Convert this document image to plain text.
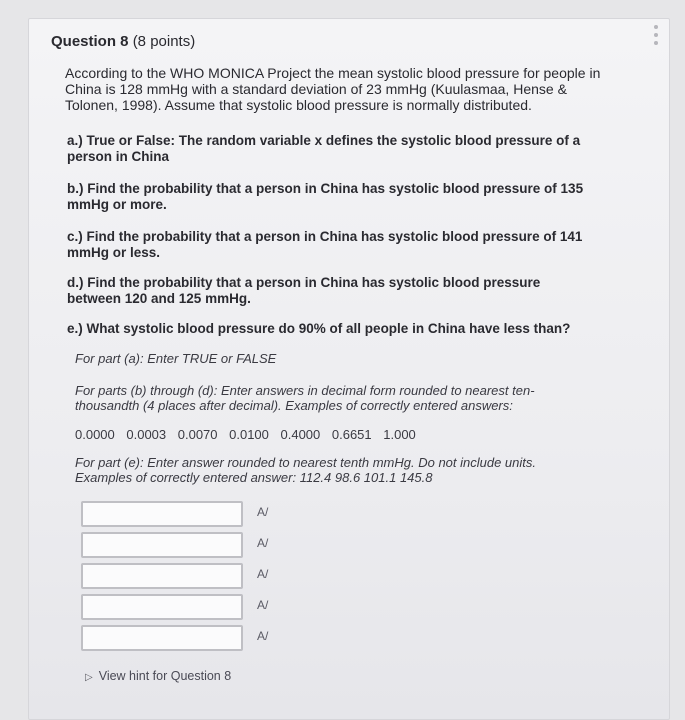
Question 8 (8 points)
According to the WHO MONICA Project the mean systolic blood pressure for people in China is 128 mmHg with a standard deviation of 23 mmHg (Kuulasmaa, Hense & Tolonen, 1998). Assume that systolic blood pressure is normally distributed.
a.) True or False: The random variable x defines the systolic blood pressure of a person in China
b.) Find the probability that a person in China has systolic blood pressure of 135 mmHg or more.
c.) Find the probability that a person in China has systolic blood pressure of 141 mmHg or less.
d.) Find the probability that a person in China has systolic blood pressure between 120 and 125 mmHg.
e.) What systolic blood pressure do 90% of all people in China have less than?
For part (a): Enter TRUE or FALSE
For parts (b) through (d): Enter answers in decimal form rounded to nearest ten-thousandth (4 places after decimal). Examples of correctly entered answers:
0.0000 0.0003 0.0070 0.0100 0.4000 0.6651 1.000
For part (e): Enter answer rounded to nearest tenth mmHg. Do not include units. Examples of correctly entered answer: 112.4 98.6 101.1 145.8
A/
A/
A/
A/
A/
▷ View hint for Question 8
